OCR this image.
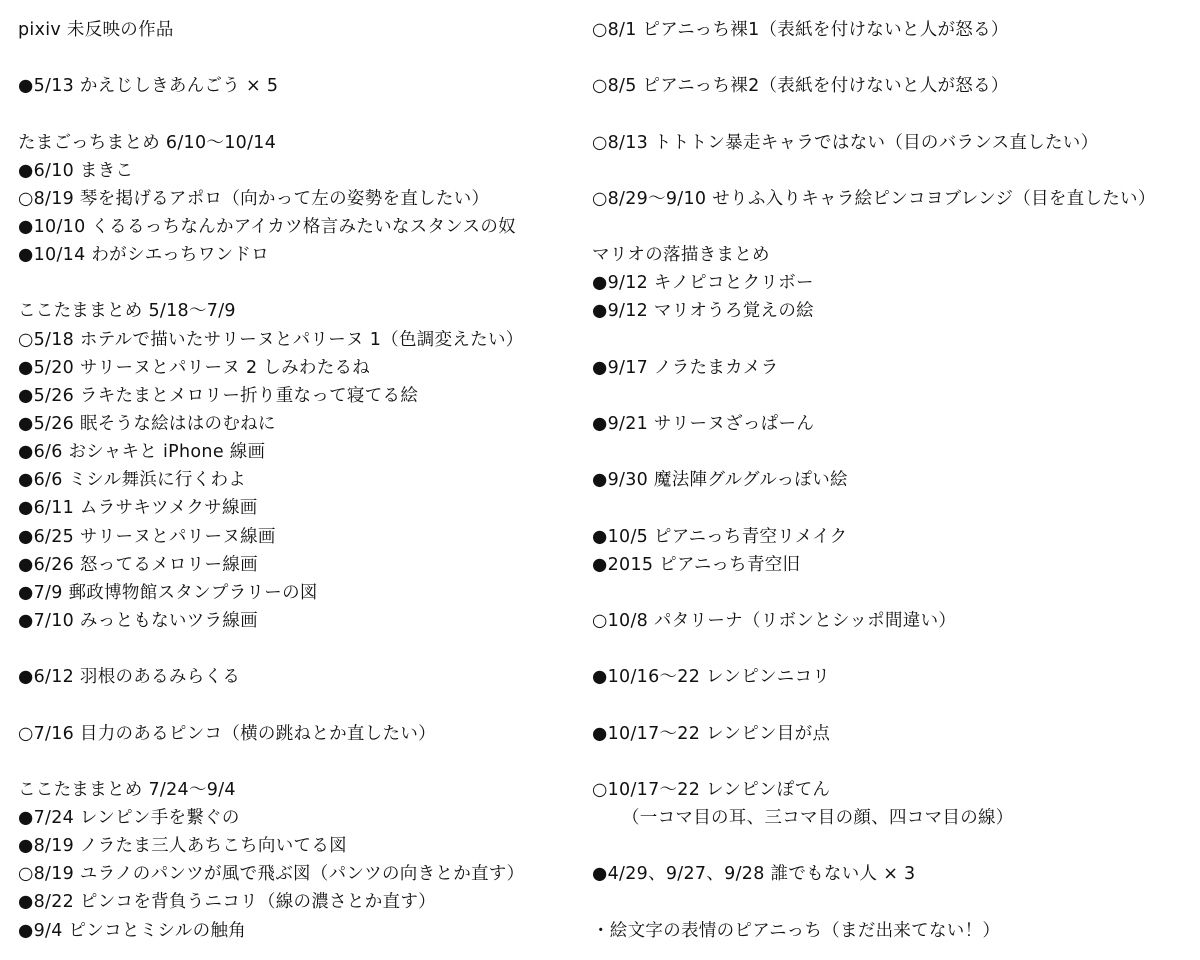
pixiv 未反映の作品
●5/13 かえじしきあんごう × 5
たまごっちまとめ 6/10〜10/14
●6/10 まきこ
○8/19 琴を掲げるアポロ（向かって左の姿勢を直したい）
●10/10 くるるっちなんかアイカツ格言みたいなスタンスの奴
●10/14 わがシエっちワンドロ
ここたままとめ 5/18〜7/9
○5/18 ホテルで描いたサリーヌとパリーヌ 1（色調変えたい）
●5/20 サリーヌとパリーヌ 2 しみわたるね
●5/26 ラキたまとメロリー折り重なって寝てる絵
●5/26 眠そうな絵ははのむねに
●6/6 おシャキと iPhone 線画
●6/6 ミシル舞浜に行くわよ
●6/11 ムラサキツメクサ線画
●6/25 サリーヌとパリーヌ線画
●6/26 怒ってるメロリー線画
●7/9 郵政博物館スタンプラリーの図
●7/10 みっともないツラ線画
●6/12 羽根のあるみらくる
○7/16 目力のあるピンコ（横の跳ねとか直したい）
ここたままとめ 7/24〜9/4
●7/24 レンピン手を繋ぐの
●8/19 ノラたま三人あちこち向いてる図
○8/19 ユラノのパンツが風で飛ぶ図（パンツの向きとか直す）
●8/22 ピンコを背負うニコリ（線の濃さとか直す）
●9/4 ピンコとミシルの触角
○8/1 ピアニっち裸1（表紙を付けないと人が怒る）
○8/5 ピアニっち裸2（表紙を付けないと人が怒る）
○8/13 トトトン暴走キャラではない（目のバランス直したい）
○8/29〜9/10 せりふ入りキャラ絵ピンコヨブレンジ（目を直したい）
マリオの落描きまとめ
●9/12 キノピコとクリボー
●9/12 マリオうろ覚えの絵
●9/17 ノラたまカメラ
●9/21 サリーヌざっぱーん
●9/30 魔法陣グルグルっぽい絵
●10/5 ピアニっち青空リメイク
●2015 ピアニっち青空旧
○10/8 パタリーナ（リボンとシッポ間違い）
●10/16〜22 レンピンニコリ
●10/17〜22 レンピン目が点
○10/17〜22 レンピンぽてん
（一コマ目の耳、三コマ目の顔、四コマ目の線）
●4/29、9/27、9/28 誰でもない人 × 3
・絵文字の表情のピアニっち（まだ出来てない！）
